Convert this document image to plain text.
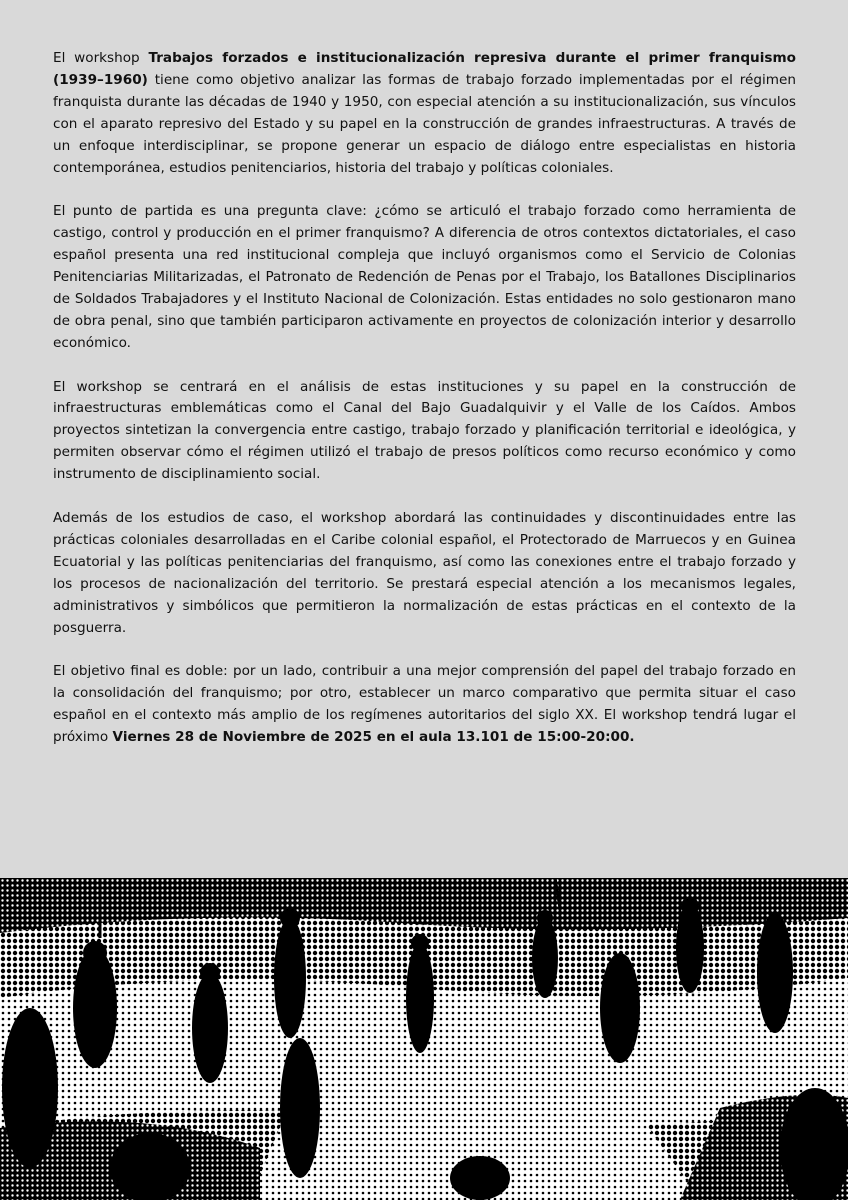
El workshop Trabajos forzados e institucionalización represiva durante el primer franquismo (1939–1960) tiene como objetivo analizar las formas de trabajo forzado implementadas por el régimen franquista durante las décadas de 1940 y 1950, con especial atención a su institucionalización, sus vínculos con el aparato represivo del Estado y su papel en la construcción de grandes infraestructuras. A través de un enfoque interdisciplinar, se propone generar un espacio de diálogo entre especialistas en historia contemporánea, estudios penitenciarios, historia del trabajo y políticas coloniales.

El punto de partida es una pregunta clave: ¿cómo se articuló el trabajo forzado como herramienta de castigo, control y producción en el primer franquismo? A diferencia de otros contextos dictatoriales, el caso español presenta una red institucional compleja que incluyó organismos como el Servicio de Colonias Penitenciarias Militarizadas, el Patronato de Redención de Penas por el Trabajo, los Batallones Disciplinarios de Soldados Trabajadores y el Instituto Nacional de Colonización. Estas entidades no solo gestionaron mano de obra penal, sino que también participaron activamente en proyectos de colonización interior y desarrollo económico.

El workshop se centrará en el análisis de estas instituciones y su papel en la construcción de infraestructuras emblemáticas como el Canal del Bajo Guadalquivir y el Valle de los Caídos. Ambos proyectos sintetizan la convergencia entre castigo, trabajo forzado y planificación territorial e ideológica, y permiten observar cómo el régimen utilizó el trabajo de presos políticos como recurso económico y como instrumento de disciplinamiento social.

Además de los estudios de caso, el workshop abordará las continuidades y discontinuidades entre las prácticas coloniales desarrolladas en el Caribe colonial español, el Protectorado de Marruecos y en Guinea Ecuatorial y las políticas penitenciarias del franquismo, así como las conexiones entre el trabajo forzado y los procesos de nacionalización del territorio. Se prestará especial atención a los mecanismos legales, administrativos y simbólicos que permitieron la normalización de estas prácticas en el contexto de la posguerra.

El objetivo final es doble: por un lado, contribuir a una mejor comprensión del papel del trabajo forzado en la consolidación del franquismo; por otro, establecer un marco comparativo que permita situar el caso español en el contexto más amplio de los regímenes autoritarios del siglo XX. El workshop tendrá lugar el próximo Viernes 28 de Noviembre de 2025 en el aula 13.101 de 15:00-20:00.
